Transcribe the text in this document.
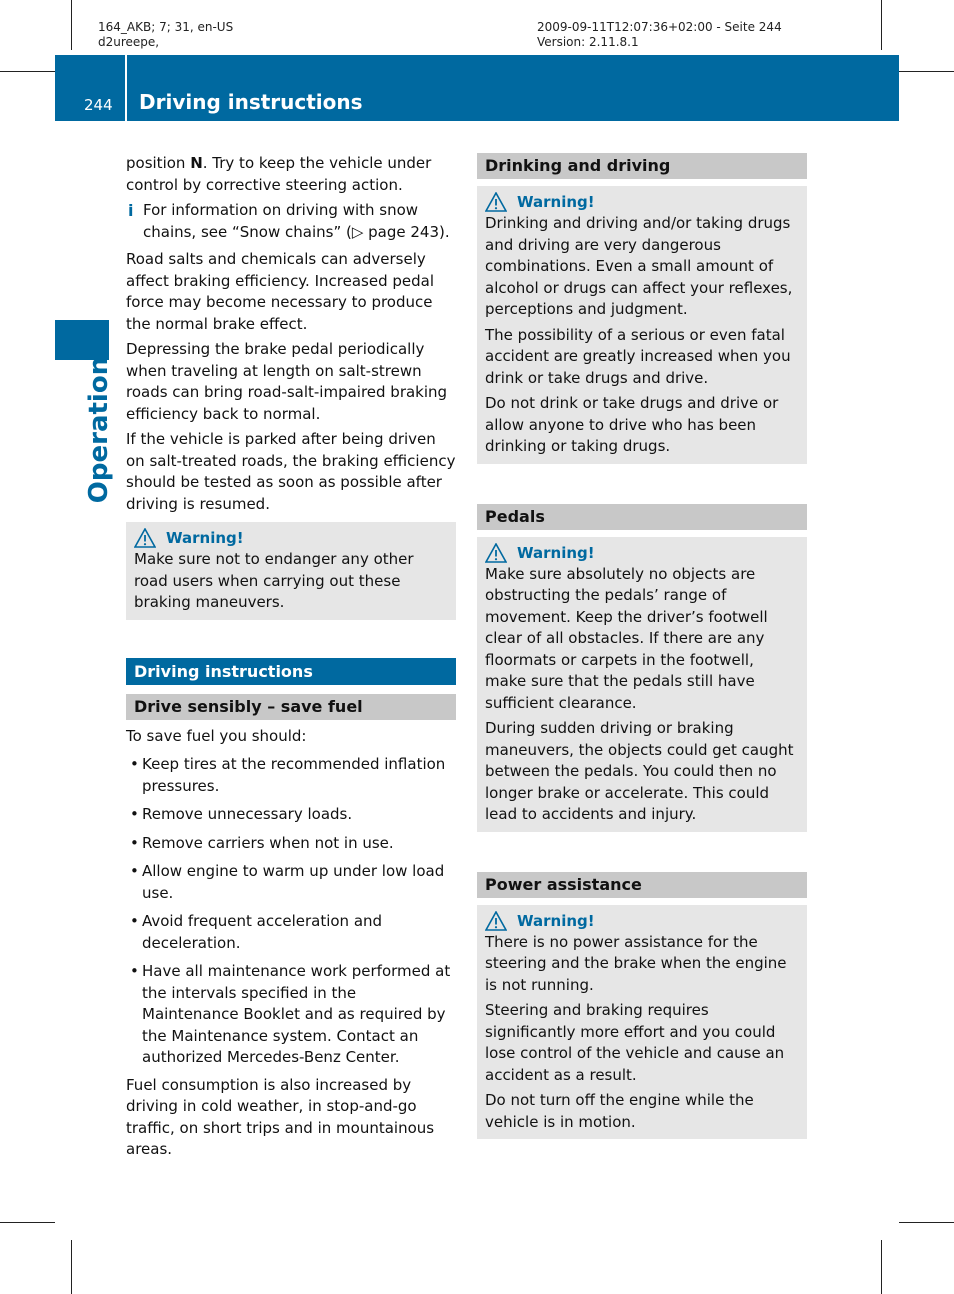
164_AKB; 7; 31, en-US
d2ureepe,
2009-09-11T12:07:36+02:00 - Seite 244
Version: 2.11.8.1
244 Driving instructions
Operation

position N. Try to keep the vehicle under control by corrective steering action.

i For information on driving with snow chains, see “Snow chains” (▷ page 243).

Road salts and chemicals can adversely affect braking efficiency. Increased pedal force may become necessary to produce the normal brake effect.

Depressing the brake pedal periodically when traveling at length on salt-strewn roads can bring road-salt-impaired braking efficiency back to normal.

If the vehicle is parked after being driven on salt-treated roads, the braking efficiency should be tested as soon as possible after driving is resumed.

Warning!

Make sure not to endanger any other road users when carrying out these braking maneuvers.

Driving instructions
Drive sensibly – save fuel

To save fuel you should:

• Keep tires at the recommended inflation pressures.
• Remove unnecessary loads.
• Remove carriers when not in use.
• Allow engine to warm up under low load use.
• Avoid frequent acceleration and deceleration.
• Have all maintenance work performed at the intervals specified in the Maintenance Booklet and as required by the Maintenance system. Contact an authorized Mercedes-Benz Center.

Fuel consumption is also increased by driving in cold weather, in stop-and-go traffic, on short trips and in mountainous areas.

Drinking and driving
Warning!

Drinking and driving and/or taking drugs and driving are very dangerous combinations. Even a small amount of alcohol or drugs can affect your reflexes, perceptions and judgment.

The possibility of a serious or even fatal accident are greatly increased when you drink or take drugs and drive.

Do not drink or take drugs and drive or allow anyone to drive who has been drinking or taking drugs.

Pedals
Warning!

Make sure absolutely no objects are obstructing the pedals’ range of movement. Keep the driver’s footwell clear of all obstacles. If there are any floormats or carpets in the footwell, make sure that the pedals still have sufficient clearance.

During sudden driving or braking maneuvers, the objects could get caught between the pedals. You could then no longer brake or accelerate. This could lead to accidents and injury.

Power assistance
Warning!

There is no power assistance for the steering and the brake when the engine is not running.

Steering and braking requires significantly more effort and you could lose control of the vehicle and cause an accident as a result.

Do not turn off the engine while the vehicle is in motion.
